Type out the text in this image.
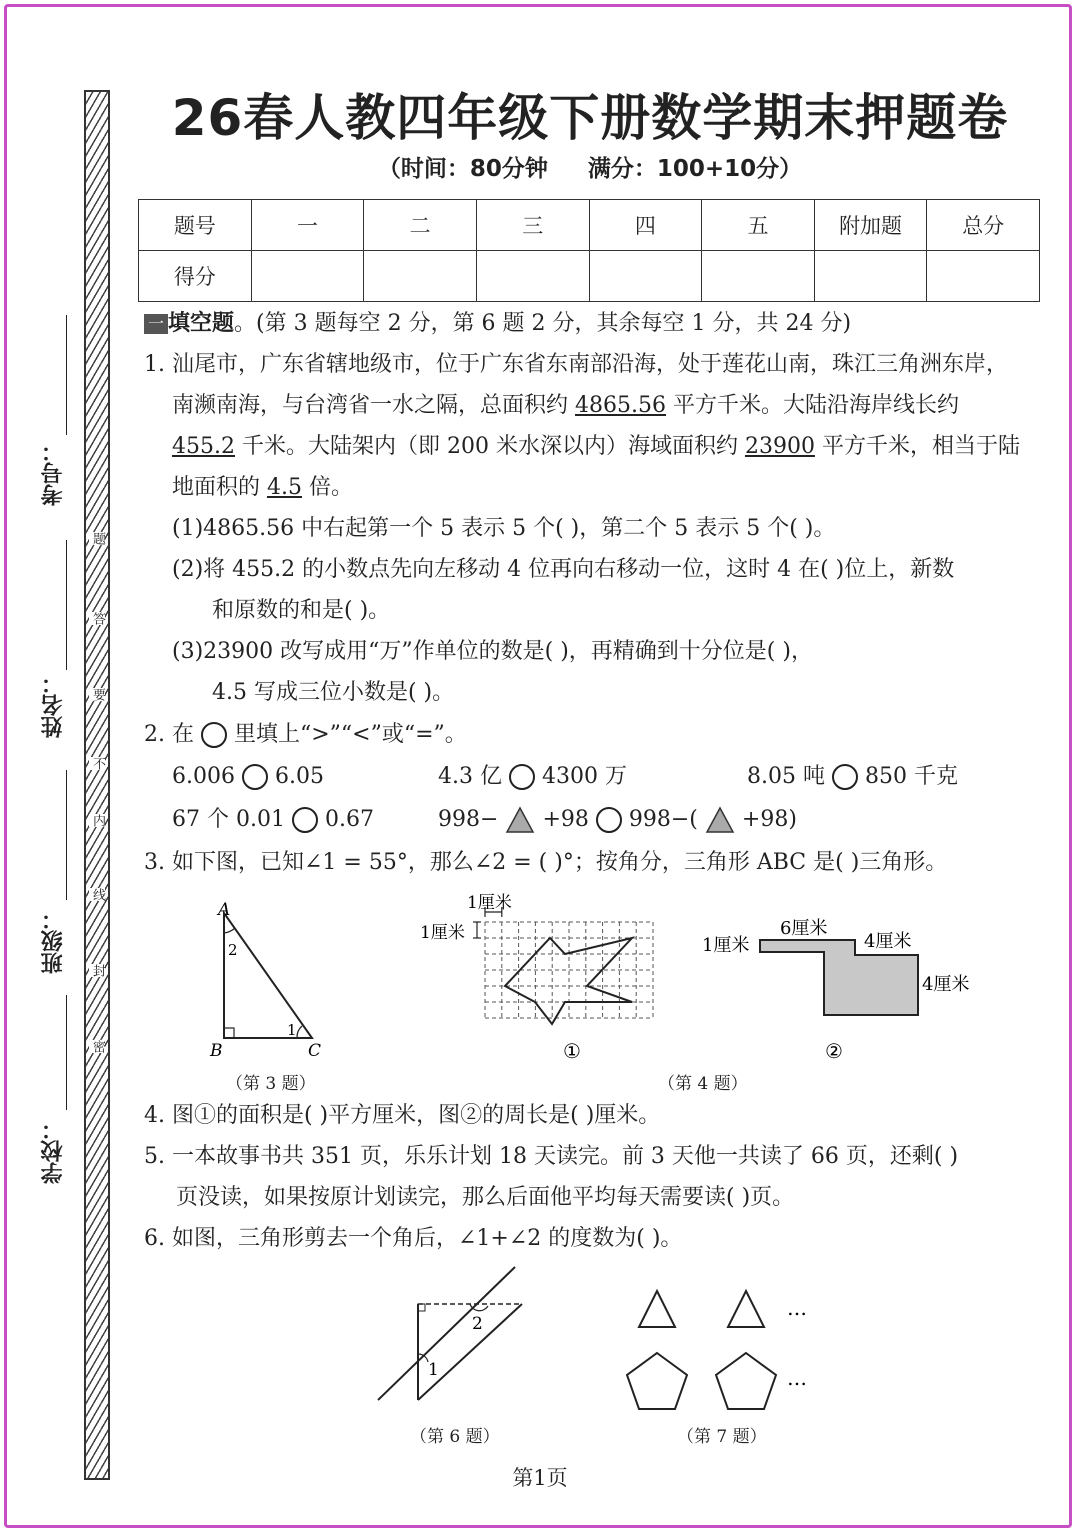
题
答
要
不
内
线
封
密
考号：
姓名：
班级：
学校：
26春人教四年级下册数学期末押题卷
（时间：80分钟     满分：100+10分）
题号	一	二	三	四	五	附加题	总分
得分							
一 填空题。(第 3 题每空 2 分，第 6 题 2 分，其余每空 1 分，共 24 分)
1. 汕尾市，广东省辖地级市，位于广东省东南部沿海，处于莲花山南，珠江三角洲东岸，
南濒南海，与台湾省一水之隔，总面积约 4865.56 平方千米。大陆沿海岸线长约
455.2 千米。大陆架内（即 200 米水深以内）海域面积约 23900 平方千米，相当于陆
地面积的 4.5 倍。
(1)4865.56 中右起第一个 5 表示 5 个( )，第二个 5 表示 5 个( )。
(2)将 455.2 的小数点先向左移动 4 位再向右移动一位，这时 4 在( )位上，新数
和原数的和是( )。
(3)23900 改写成用“万”作单位的数是( )，再精确到十分位是( )，
4.5 写成三位小数是( )。
2. 在 里填上“>”“<”或“=”。
6.006 6.05	4.3 亿 4300 万	8.05 吨 850 千克
67 个 0.01 0.67	998− +98 998−( +98)
3. 如下图，已知∠1 = 55°，那么∠2 = ( )°；按角分，三角形 ABC 是( )三角形。
A
B	C
2
1
（第 3 题）
1厘米
1厘米
①
6厘米
4厘米
4厘米
1厘米
②
（第 4 题）
4. 图①的面积是( )平方厘米，图②的周长是( )厘米。
5. 一本故事书共 351 页，乐乐计划 18 天读完。前 3 天他一共读了 66 页，还剩( )
页没读，如果按原计划读完，那么后面他平均每天需要读( )页。
6. 如图，三角形剪去一个角后，∠1+∠2 的度数为( )。
1
2
（第 6 题）
…
…
（第 7 题）
第1页
